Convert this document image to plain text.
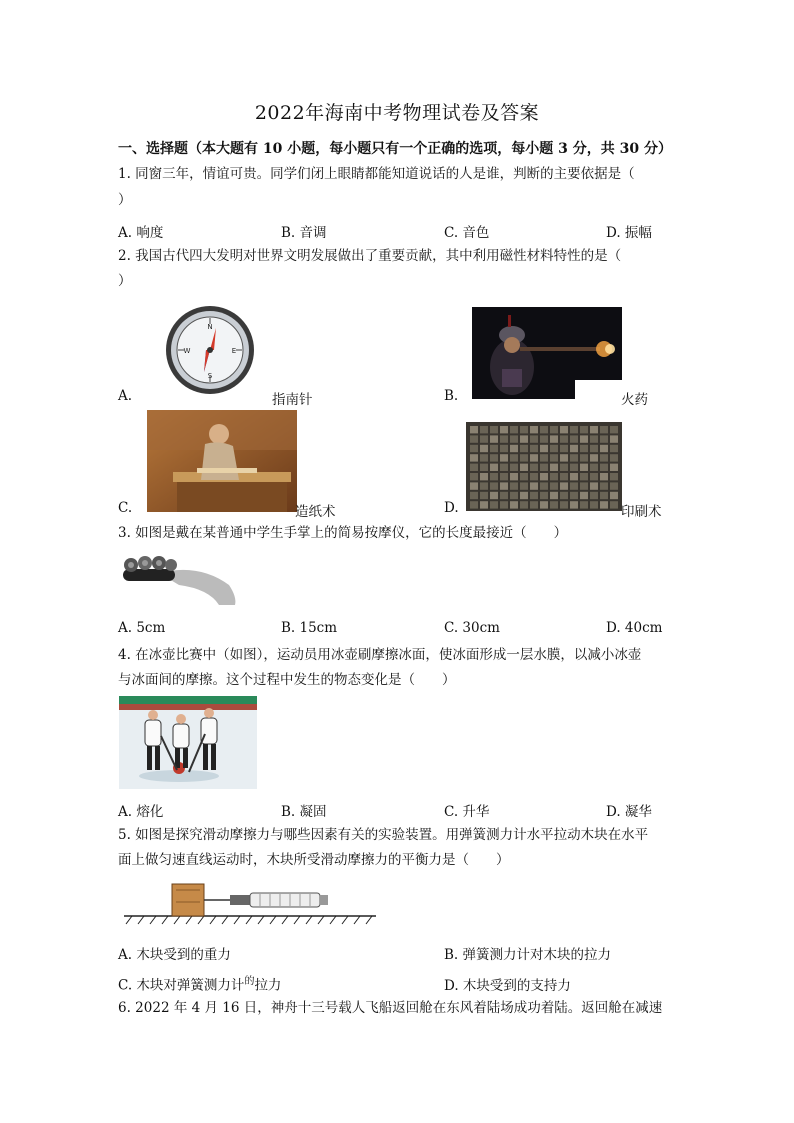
2022年海南中考物理试卷及答案
一、选择题（本大题有 10 小题，每小题只有一个正确的选项，每小题 3 分，共 30 分）
1. 同窗三年，情谊可贵。同学们闭上眼睛都能知道说话的人是谁，判断的主要依据是（
）
A. 响度	B. 音调	C. 音色	D. 振幅
2. 我国古代四大发明对世界文明发展做出了重要贡献，其中利用磁性材料特性的是（
）
A.
N
S
W	E
指南针	B.	火药
C.	造纸术	D.	印刷术
3. 如图是戴在某普通中学生手掌上的简易按摩仪，它的长度最接近（　　）
A. 5cm	B. 15cm	C. 30cm	D. 40cm
4. 在冰壶比赛中（如图），运动员用冰壶刷摩擦冰面，使冰面形成一层水膜，以减小冰壶
与冰面间的摩擦。这个过程中发生的物态变化是（　　）
A. 熔化	B. 凝固	C. 升华	D. 凝华
5. 如图是探究滑动摩擦力与哪些因素有关的实验装置。用弹簧测力计水平拉动木块在水平
面上做匀速直线运动时，木块所受滑动摩擦力的平衡力是（　　）
A. 木块受到的重力	B. 弹簧测力计对木块的拉力
C. 木块对弹簧测力计$^的$拉力	D. 木块受到的支持力
6. 2022 年 4 月 16 日，神舟十三号载人飞船返回舱在东风着陆场成功着陆。返回舱在减速
